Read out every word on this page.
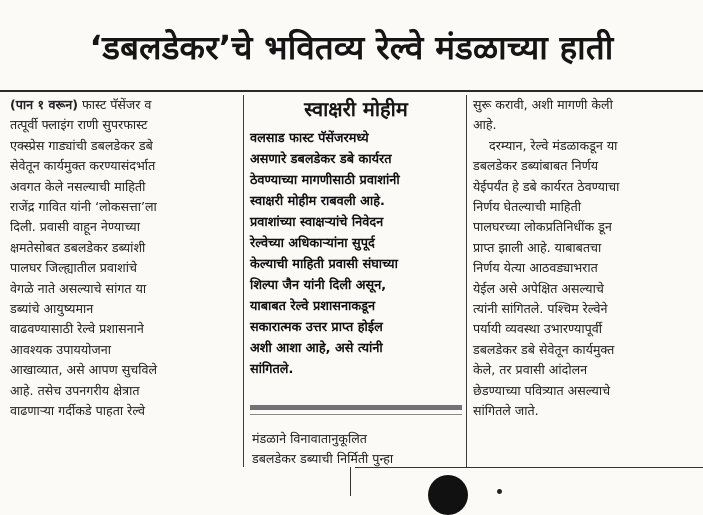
‘डबलडेकर’चे भवितव्य रेल्वे मंडळाच्या हाती
(पान १ वरून) फास्ट पॅसेंजर व
तत्पूर्वी फ्लाइंग राणी सुपरफास्ट
एक्स्प्रेस गाड्यांची डबलडेकर डबे
सेवेतून कार्यमुक्त करण्यासंदर्भात
अवगत केले नसल्याची माहिती
राजेंद्र गावित यांनी ‘लोकसत्ता’ला
दिली. प्रवासी वाहून नेण्याच्या
क्षमतेसोबत डबलडेकर डब्यांशी
पालघर जिल्ह्यातील प्रवाशांचे
वेगळे नाते असल्याचे सांगत या
डब्यांचे आयुष्यमान
वाढवण्यासाठी रेल्वे प्रशासनाने
आवश्यक उपाययोजना
आखाव्यात, असे आपण सुचविले
आहे. तसेच उपनगरीय क्षेत्रात
वाढणाऱ्या गर्दीकडे पाहता रेल्वे
स्वाक्षरी मोहीम
वलसाड फास्ट पॅसेंजरमध्ये
असणारे डबलडेकर डबे कार्यरत
ठेवण्याच्या मागणीसाठी प्रवाशांनी
स्वाक्षरी मोहीम राबवली आहे.
प्रवाशांच्या स्वाक्षऱ्यांचे निवेदन
रेल्वेच्या अधिकाऱ्यांना सुपूर्द
केल्याची माहिती प्रवासी संघाच्या
शिल्पा जैन यांनी दिली असून,
याबाबत रेल्वे प्रशासनाकडून
सकारात्मक उत्तर प्राप्त होईल
अशी आशा आहे, असे त्यांनी
सांगितले.
मंडळाने विनावातानुकूलित
डबलडेकर डब्याची निर्मिती पुन्हा
सुरू करावी, अशी मागणी केली
आहे.
दरम्यान, रेल्वे मंडळाकडून या
डबलडेकर डब्यांबाबत निर्णय
येईपर्यंत हे डबे कार्यरत ठेवण्याचा
निर्णय घेतल्याची माहिती
पालघरच्या लोकप्रतिनिधींक डून
प्राप्त झाली आहे. याबाबतचा
निर्णय येत्या आठवड्याभरात
येईल असे अपेक्षित असल्याचे
त्यांनी सांगितले. पश्चिम रेल्वेने
पर्यायी व्यवस्था उभारण्यापूर्वी
डबलडेकर डबे सेवेतून कार्यमुक्त
केले, तर प्रवासी आंदोलन
छेडण्याच्या पवित्र्यात असल्याचे
सांगितले जाते.
